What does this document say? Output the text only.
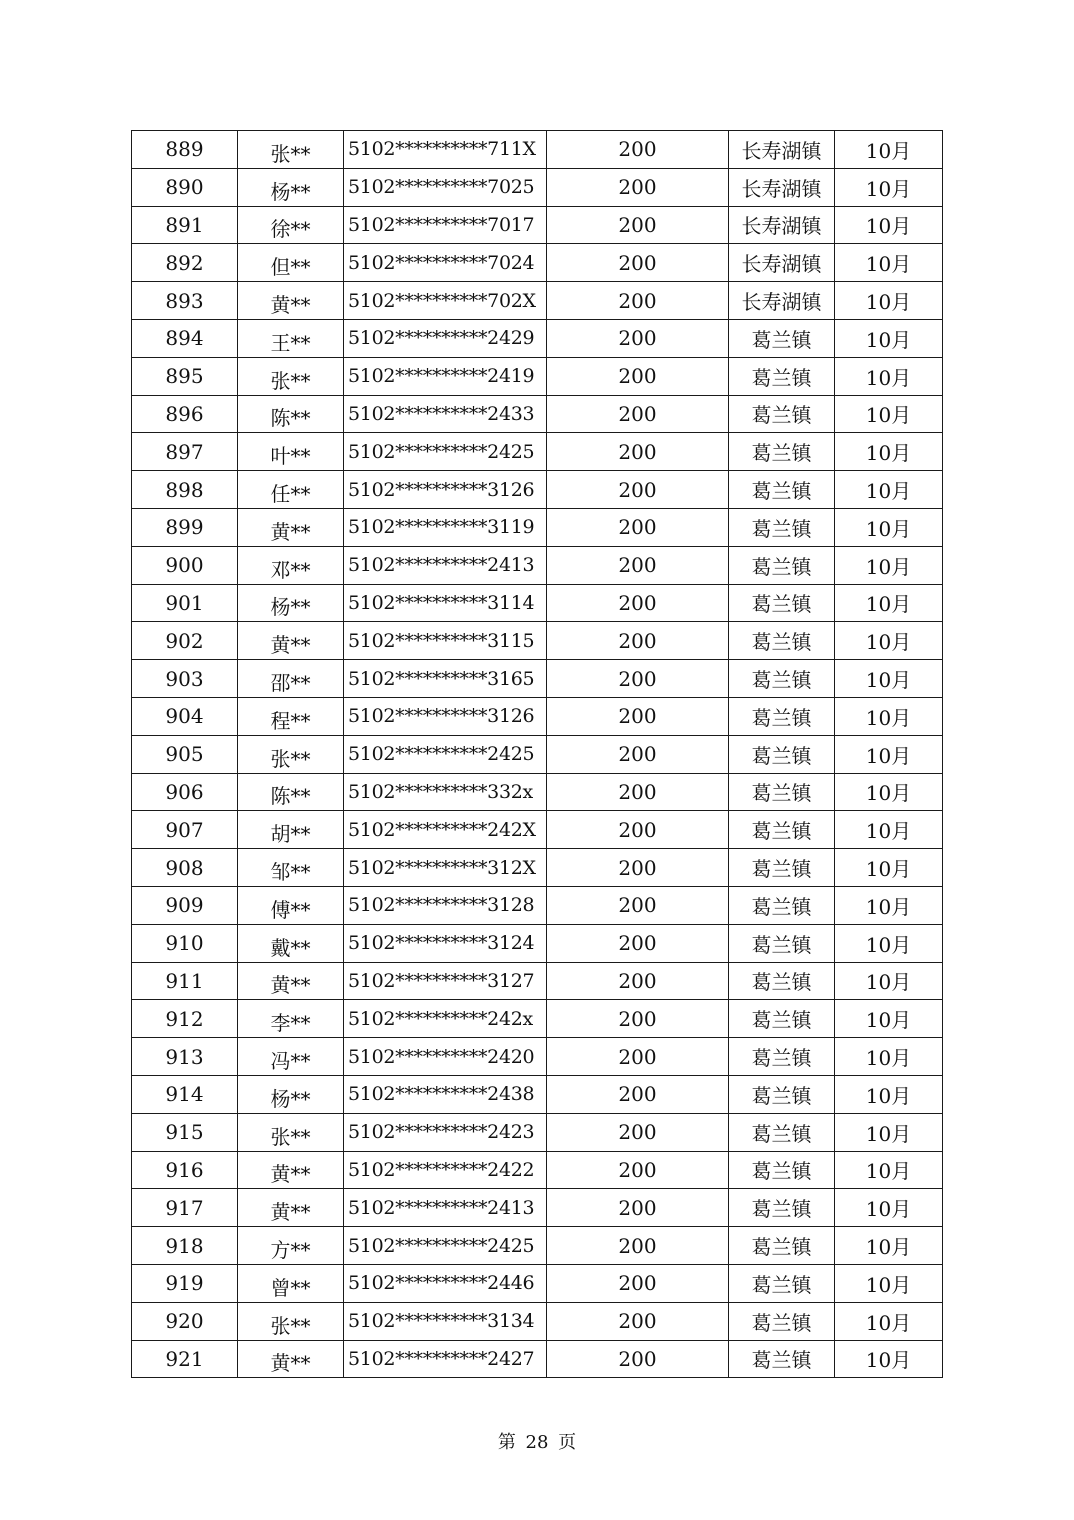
889	张**	5102**********711X	200	长寿湖镇	10月
890	杨**	5102**********7025	200	长寿湖镇	10月
891	徐**	5102**********7017	200	长寿湖镇	10月
892	但**	5102**********7024	200	长寿湖镇	10月
893	黄**	5102**********702X	200	长寿湖镇	10月
894	王**	5102**********2429	200	葛兰镇	10月
895	张**	5102**********2419	200	葛兰镇	10月
896	陈**	5102**********2433	200	葛兰镇	10月
897	叶**	5102**********2425	200	葛兰镇	10月
898	任**	5102**********3126	200	葛兰镇	10月
899	黄**	5102**********3119	200	葛兰镇	10月
900	邓**	5102**********2413	200	葛兰镇	10月
901	杨**	5102**********3114	200	葛兰镇	10月
902	黄**	5102**********3115	200	葛兰镇	10月
903	邵**	5102**********3165	200	葛兰镇	10月
904	程**	5102**********3126	200	葛兰镇	10月
905	张**	5102**********2425	200	葛兰镇	10月
906	陈**	5102**********332x	200	葛兰镇	10月
907	胡**	5102**********242X	200	葛兰镇	10月
908	邹**	5102**********312X	200	葛兰镇	10月
909	傅**	5102**********3128	200	葛兰镇	10月
910	戴**	5102**********3124	200	葛兰镇	10月
911	黄**	5102**********3127	200	葛兰镇	10月
912	李**	5102**********242x	200	葛兰镇	10月
913	冯**	5102**********2420	200	葛兰镇	10月
914	杨**	5102**********2438	200	葛兰镇	10月
915	张**	5102**********2423	200	葛兰镇	10月
916	黄**	5102**********2422	200	葛兰镇	10月
917	黄**	5102**********2413	200	葛兰镇	10月
918	方**	5102**********2425	200	葛兰镇	10月
919	曾**	5102**********2446	200	葛兰镇	10月
920	张**	5102**********3134	200	葛兰镇	10月
921	黄**	5102**********2427	200	葛兰镇	10月
第 28 页
